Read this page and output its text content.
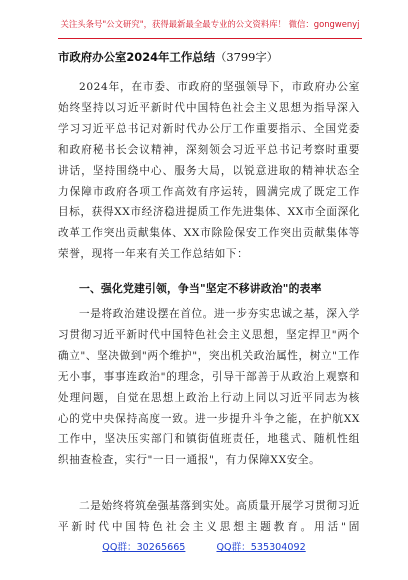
关注头条号"公文研究"，获得最新最全最专业的公文资料库！ 微信：gongwenyj
市政府办公室2024年工作总结（3799字）
2024年，在市委、市政府的坚强领导下，市政府办公室始终坚持以习近平新时代中国特色社会主义思想为指导深入学习习近平总书记对新时代办公厅工作重要指示、全国党委和政府秘书长会议精神，深刻领会习近平总书记考察时重要讲话，坚持围绕中心、服务大局，以锐意进取的精神状态全力保障市政府各项工作高效有序运转，圆满完成了既定工作目标，获得XX市经济稳进提质工作先进集体、XX市全面深化改革工作突出贡献集体、XX市除险保安工作突出贡献集体等荣誉，现将一年来有关工作总结如下：
一、强化党建引领，争当"坚定不移讲政治"的表率
一是将政治建设摆在首位。进一步夯实忠诚之基，深入学习贯彻习近平新时代中国特色社会主义思想，坚定捍卫"两个确立"、坚决做到"两个维护"，突出机关政治属性，树立"工作无小事，事事连政治"的理念，引导干部善于从政治上观察和处理问题，自觉在思想上政治上行动上同以习近平同志为核心的党中央保持高度一致。进一步提升斗争之能，在护航XX工作中，坚决压实部门和镇街值班责任，地毯式、随机性组织抽查检查，实行"一日一通报"，有力保障XX安全。
二是始终将筑垒强基落到实处。高质量开展学习贯彻习近平新时代中国特色社会主义思想主题教育。用活"固
QQ群：30265665	QQ群：535304092
